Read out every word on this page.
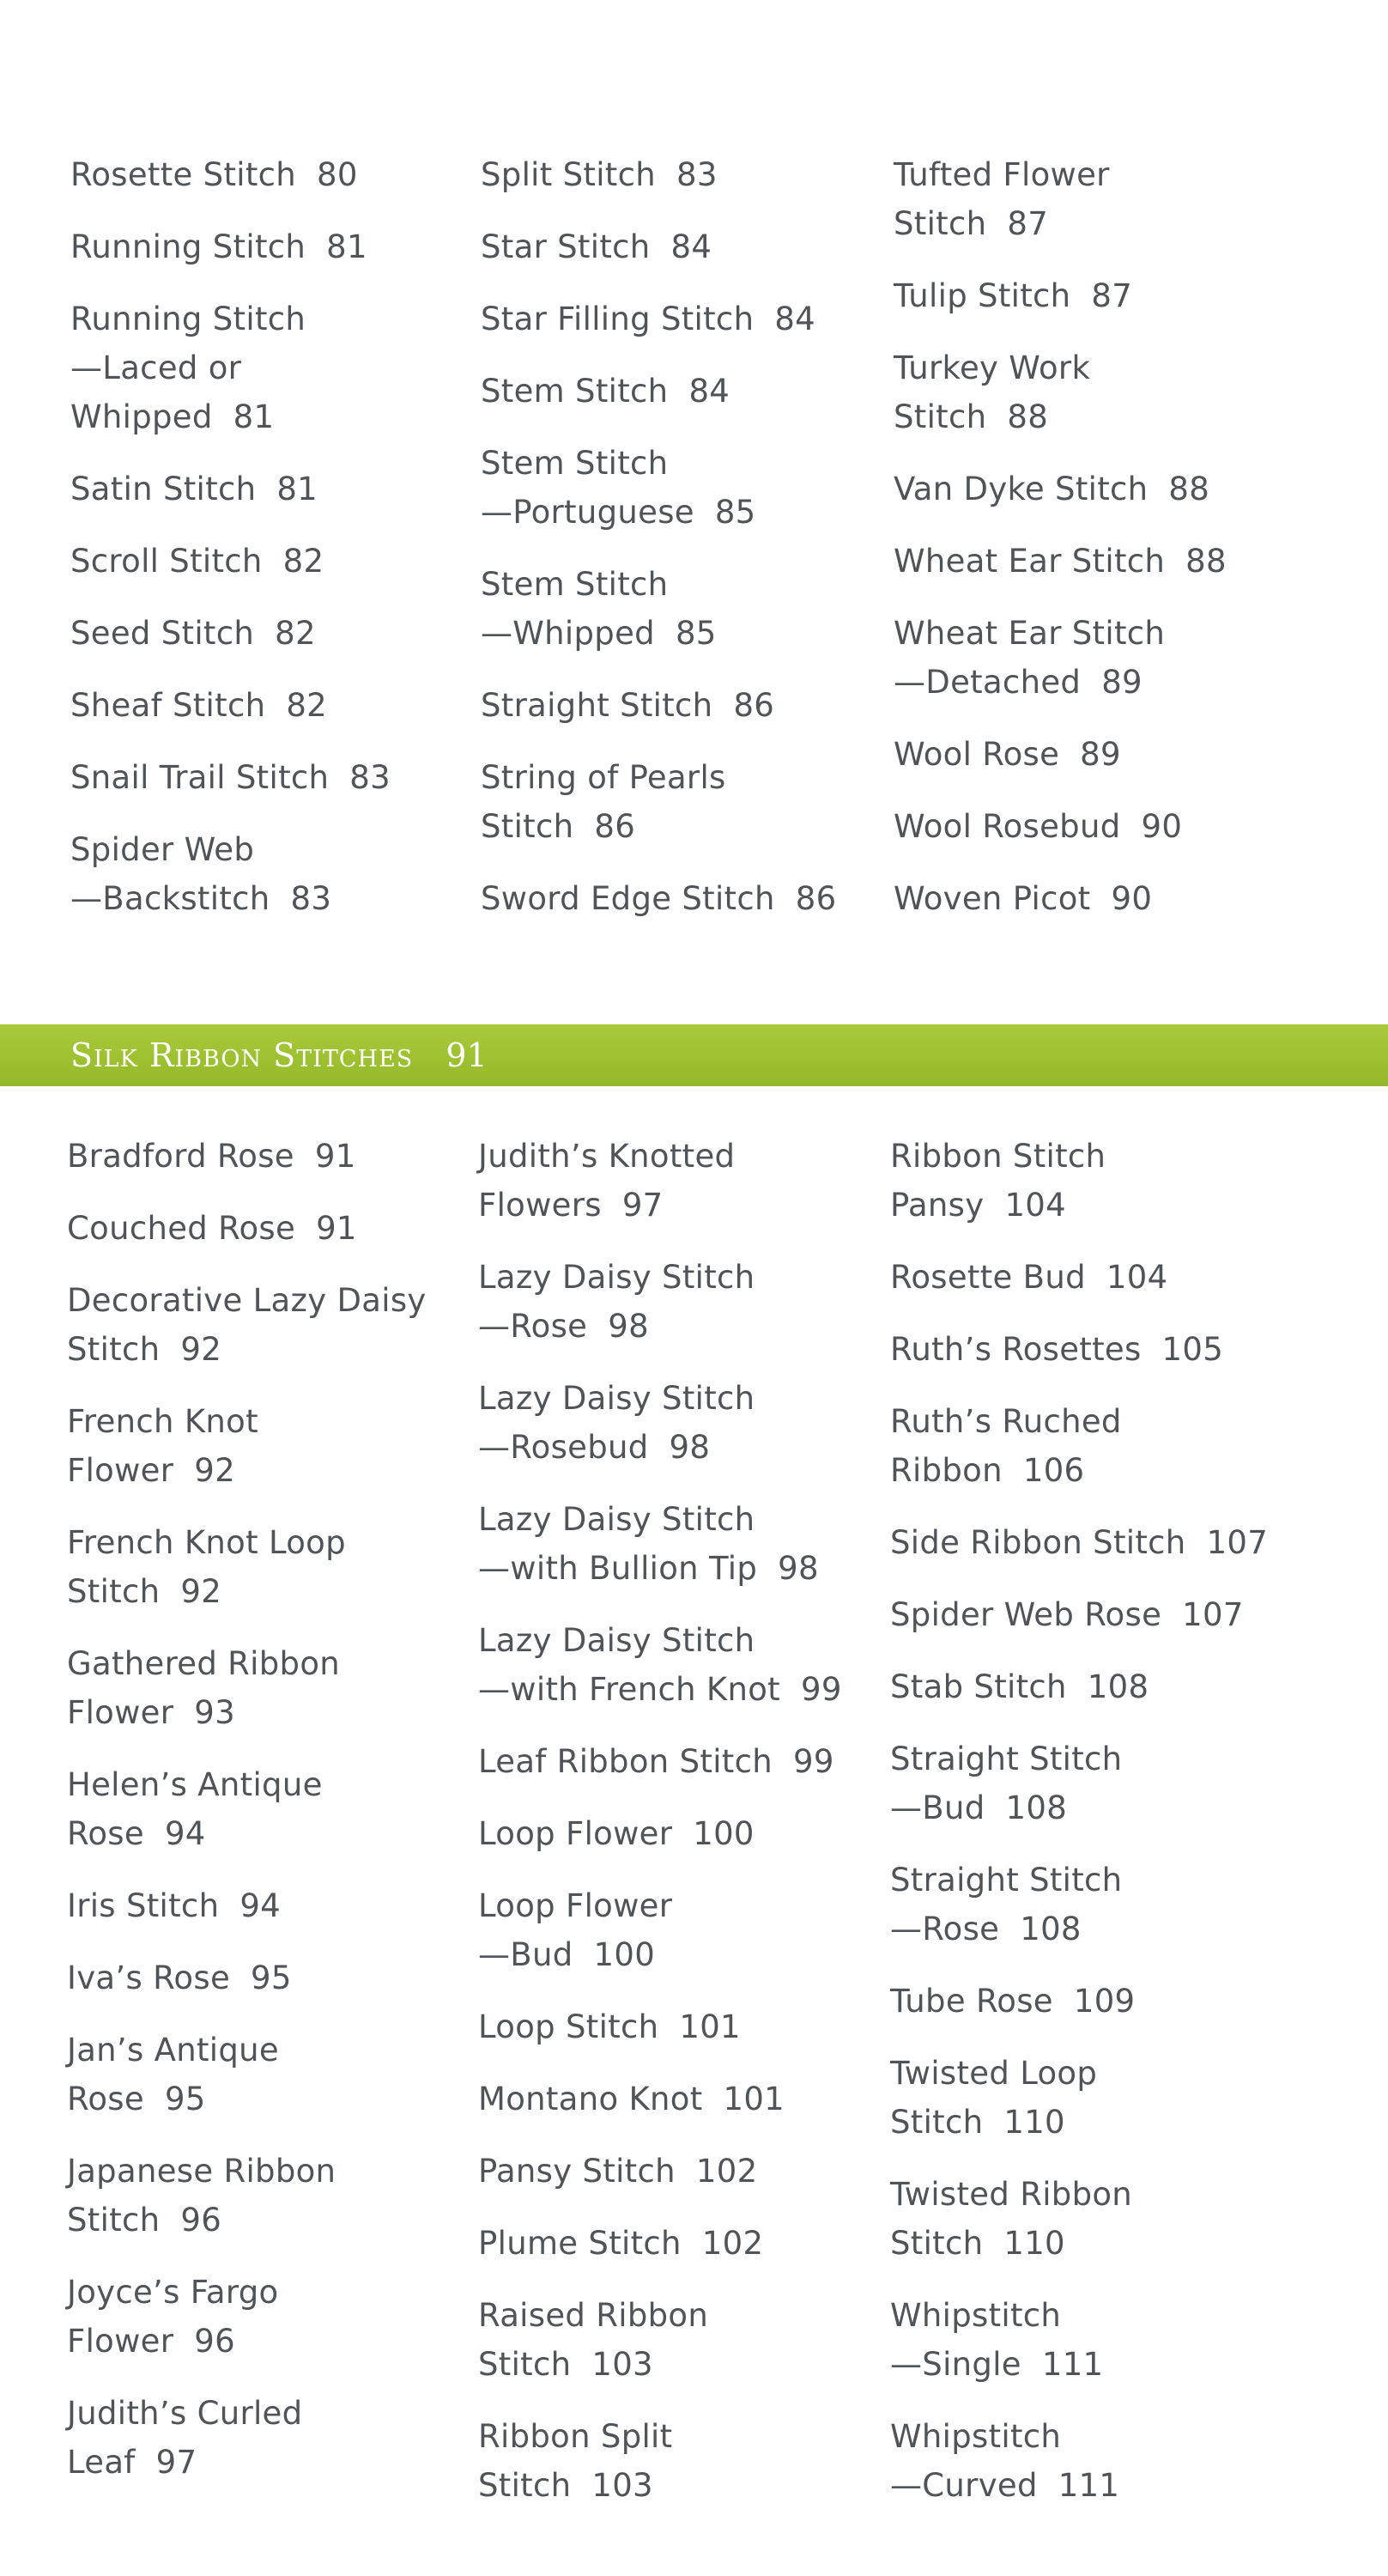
Rosette Stitch 80
Running Stitch 81
Running Stitch
—Laced or
Whipped 81
Satin Stitch 81
Scroll Stitch 82
Seed Stitch 82
Sheaf Stitch 82
Snail Trail Stitch 83
Spider Web
—Backstitch 83
Split Stitch 83
Star Stitch 84
Star Filling Stitch 84
Stem Stitch 84
Stem Stitch
—Portuguese 85
Stem Stitch
—Whipped 85
Straight Stitch 86
String of Pearls
Stitch 86
Sword Edge Stitch 86
Tufted Flower
Stitch 87
Tulip Stitch 87
Turkey Work
Stitch 88
Van Dyke Stitch 88
Wheat Ear Stitch 88
Wheat Ear Stitch
—Detached 89
Wool Rose 89
Wool Rosebud 90
Woven Picot 90
Silk Ribbon Stitches 91
Bradford Rose 91
Couched Rose 91
Decorative Lazy Daisy
Stitch 92
French Knot
Flower 92
French Knot Loop
Stitch 92
Gathered Ribbon
Flower 93
Helen’s Antique
Rose 94
Iris Stitch 94
Iva’s Rose 95
Jan’s Antique
Rose 95
Japanese Ribbon
Stitch 96
Joyce’s Fargo
Flower 96
Judith’s Curled
Leaf 97
Judith’s Knotted
Flowers 97
Lazy Daisy Stitch
—Rose 98
Lazy Daisy Stitch
—Rosebud 98
Lazy Daisy Stitch
—with Bullion Tip 98
Lazy Daisy Stitch
—with French Knot 99
Leaf Ribbon Stitch 99
Loop Flower 100
Loop Flower
—Bud 100
Loop Stitch 101
Montano Knot 101
Pansy Stitch 102
Plume Stitch 102
Raised Ribbon
Stitch 103
Ribbon Split
Stitch 103
Ribbon Stitch
Pansy 104
Rosette Bud 104
Ruth’s Rosettes 105
Ruth’s Ruched
Ribbon 106
Side Ribbon Stitch 107
Spider Web Rose 107
Stab Stitch 108
Straight Stitch
—Bud 108
Straight Stitch
—Rose 108
Tube Rose 109
Twisted Loop
Stitch 110
Twisted Ribbon
Stitch 110
Whipstitch
—Single 111
Whipstitch
—Curved 111
